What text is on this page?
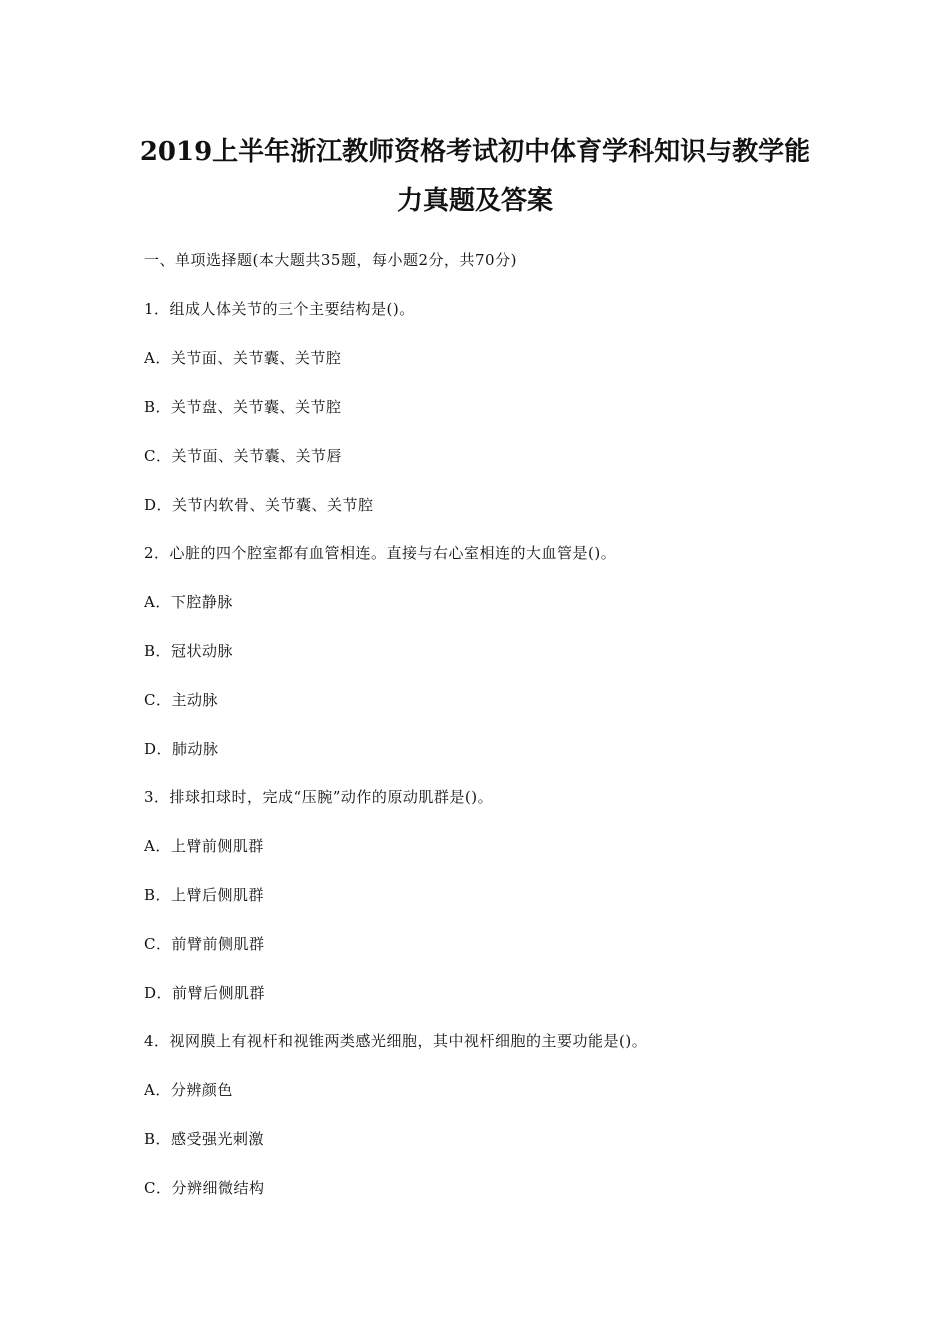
2019上半年浙江教师资格考试初中体育学科知识与教学能
力真题及答案
一、单项选择题(本大题共35题，每小题2分，共70分)
1．组成人体关节的三个主要结构是()。
A．关节面、关节囊、关节腔
B．关节盘、关节囊、关节腔
C．关节面、关节囊、关节唇
D．关节内软骨、关节囊、关节腔
2．心脏的四个腔室都有血管相连。直接与右心室相连的大血管是()。
A．下腔静脉
B．冠状动脉
C．主动脉
D．肺动脉
3．排球扣球时，完成“压腕”动作的原动肌群是()。
A．上臂前侧肌群
B．上臂后侧肌群
C．前臂前侧肌群
D．前臂后侧肌群
4．视网膜上有视杆和视锥两类感光细胞，其中视杆细胞的主要功能是()。
A．分辨颜色
B．感受强光刺激
C．分辨细微结构
